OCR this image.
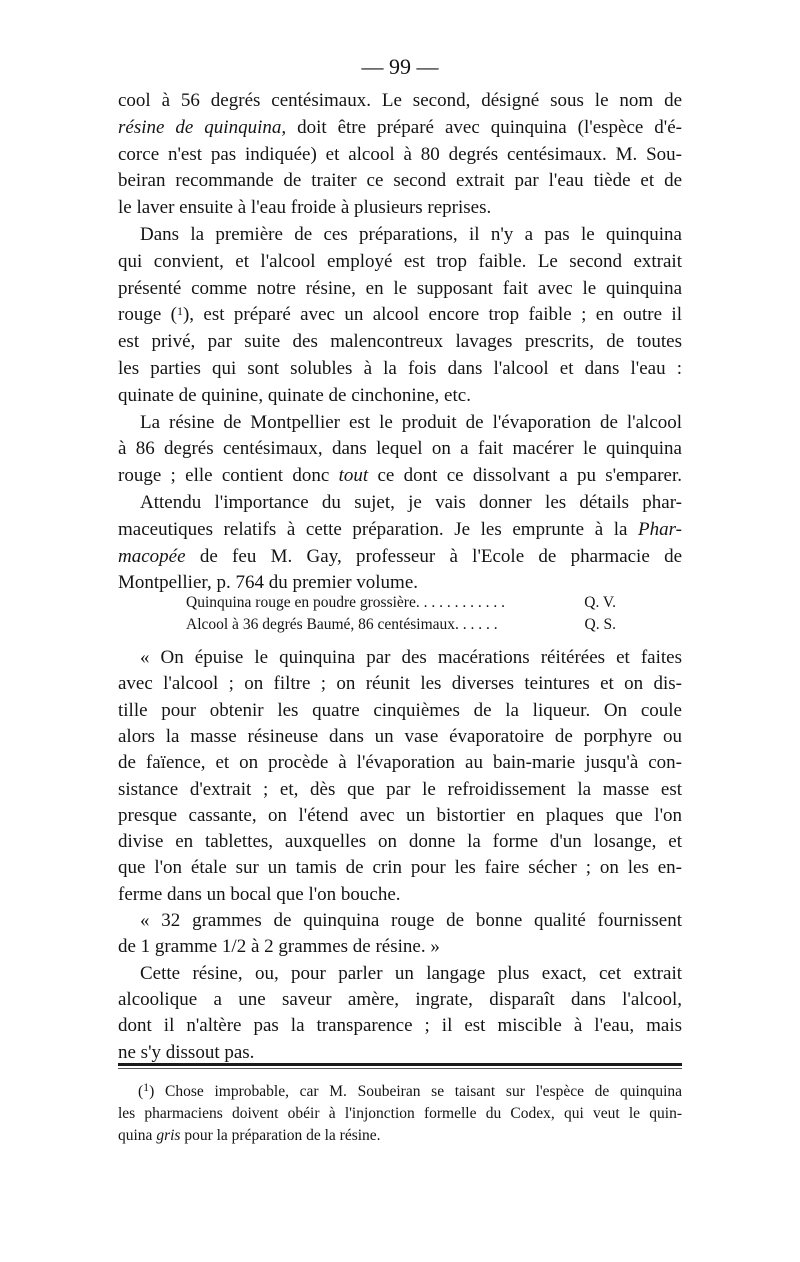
— 99 —
cool à 56 degrés centésimaux. Le second, désigné sous le nom de
résine de quinquina, doit être préparé avec quinquina (l'espèce d'é-
corce n'est pas indiquée) et alcool à 80 degrés centésimaux. M. Sou-
beiran recommande de traiter ce second extrait par l'eau tiède et de
le laver ensuite à l'eau froide à plusieurs reprises.
Dans la première de ces préparations, il n'y a pas le quinquina
qui convient, et l'alcool employé est trop faible. Le second extrait
présenté comme notre résine, en le supposant fait avec le quinquina
rouge ($^1$), est préparé avec un alcool encore trop faible ; en outre il
est privé, par suite des malencontreux lavages prescrits, de toutes
les parties qui sont solubles à la fois dans l'alcool et dans l'eau :
quinate de quinine, quinate de cinchonine, etc.
La résine de Montpellier est le produit de l'évaporation de l'alcool
à 86 degrés centésimaux, dans lequel on a fait macérer le quinquina
rouge ; elle contient donc tout ce dont ce dissolvant a pu s'emparer.
Attendu l'importance du sujet, je vais donner les détails phar-
maceutiques relatifs à cette préparation. Je les emprunte à la Phar-
macopée de feu M. Gay, professeur à l'Ecole de pharmacie de
Montpellier, p. 764 du premier volume.
Quinquina rouge en poudre grossière. . . . . . . . . . . .	Q. V.
Alcool à 36 degrés Baumé, 86 centésimaux. . . . . .	Q. S.
« On épuise le quinquina par des macérations réitérées et faites
avec l'alcool ; on filtre ; on réunit les diverses teintures et on dis-
tille pour obtenir les quatre cinquièmes de la liqueur. On coule
alors la masse résineuse dans un vase évaporatoire de porphyre ou
de faïence, et on procède à l'évaporation au bain-marie jusqu'à con-
sistance d'extrait ; et, dès que par le refroidissement la masse est
presque cassante, on l'étend avec un bistortier en plaques que l'on
divise en tablettes, auxquelles on donne la forme d'un losange, et
que l'on étale sur un tamis de crin pour les faire sécher ; on les en-
ferme dans un bocal que l'on bouche.
« 32 grammes de quinquina rouge de bonne qualité fournissent
de 1 gramme 1/2 à 2 grammes de résine. »
Cette résine, ou, pour parler un langage plus exact, cet extrait
alcoolique a une saveur amère, ingrate, disparaît dans l'alcool,
dont il n'altère pas la transparence ; il est miscible à l'eau, mais
ne s'y dissout pas.
($^1$) Chose improbable, car M. Soubeiran se taisant sur l'espèce de quinquina
les pharmaciens doivent obéir à l'injonction formelle du Codex, qui veut le quin-
quina gris pour la préparation de la résine.
